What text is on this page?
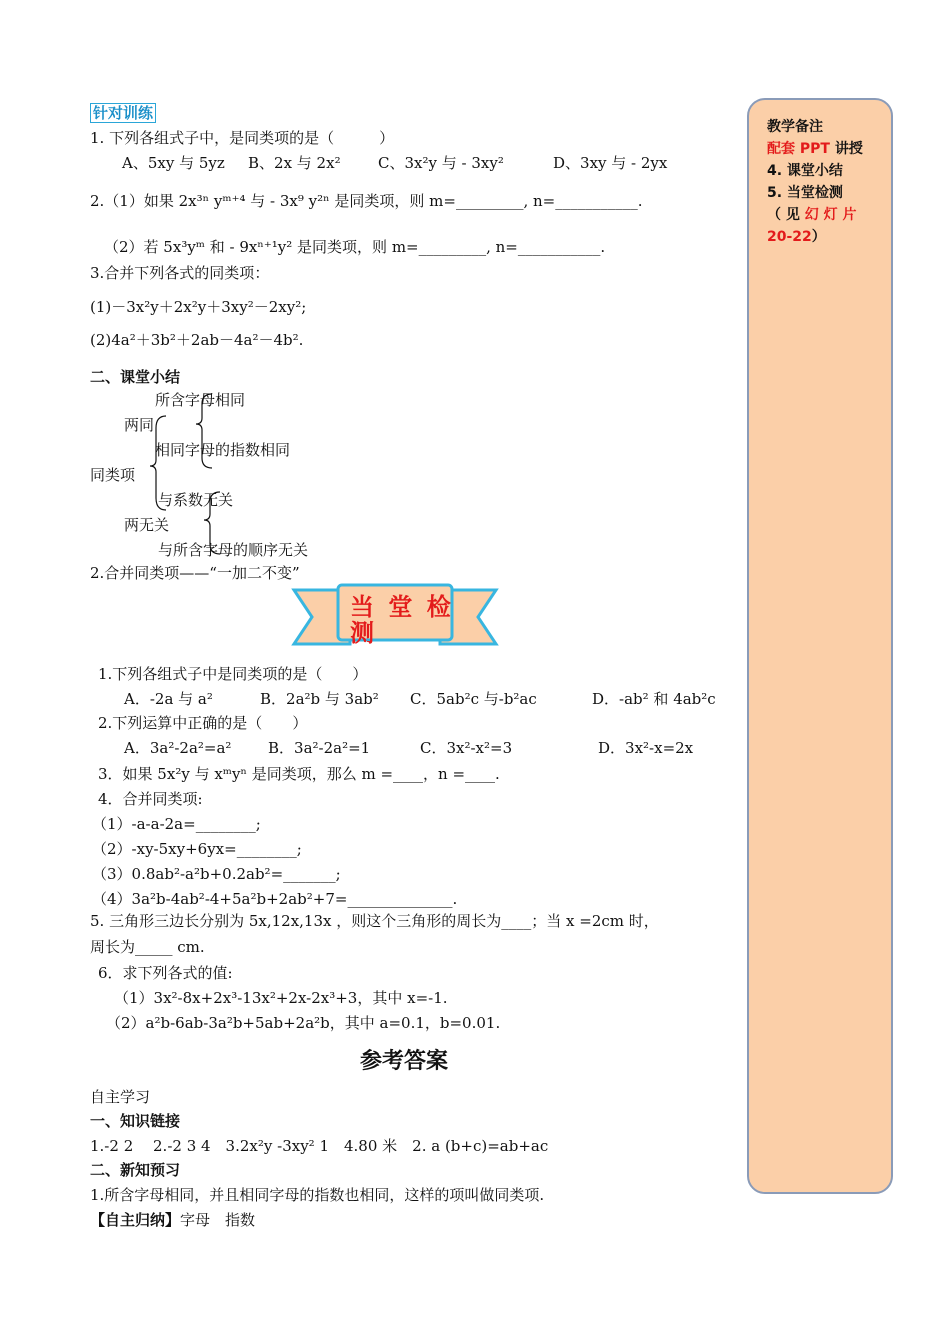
教学备注
配套 PPT 讲授
4. 课堂小结
5. 当堂检测
（ 见 幻 灯 片
20-22）
针对训练
1. 下列各组式子中，是同类项的是（　　　）
A、5xy 与 5yz B、2x 与 2x² C、3x²y 与 - 3xy²	D、3xy 与 - 2yx
2.（1）如果 2x³ⁿ yᵐ⁺⁴ 与 - 3x⁹ y²ⁿ 是同类项，则 m=_________, n=___________.
（2）若 5x³yᵐ 和 - 9xⁿ⁺¹y² 是同类项，则 m=_________, n=___________.
3.合并下列各式的同类项：
(1)－3x²y＋2x²y＋3xy²－2xy²;
(2)4a²＋3b²＋2ab－4a²－4b².
二、课堂小结
所含字母相同
两同
相同字母的指数相同
同类项
与系数无关
两无关
与所含字母的顺序无关
2.合并同类项——“一加二不变”
当 堂 检 测
1.下列各组式子中是同类项的是（　　）
A．-2a 与 a²	B．2a²b 与 3ab² C．5ab²c 与-b²ac	D．-ab² 和 4ab²c
2.下列运算中正确的是（　　）
A．3a²-2a²=a² B．3a²-2a²=1	C．3x²-x²=3	D．3x²-x=2x
3．如果 5x²y 与 xᵐyⁿ 是同类项，那么 m =____，n =____.
4．合并同类项:
（1）-a-a-2a=________;
（2）-xy-5xy+6yx=________;
（3）0.8ab²-a²b+0.2ab²=_______;
（4）3a²b-4ab²-4+5a²b+2ab²+7=______________.
5. 三角形三边长分别为 5x,12x,13x ，则这个三角形的周长为____；当 x =2cm 时，
周长为_____ cm.
6．求下列各式的值:
（1）3x²-8x+2x³-13x²+2x-2x³+3，其中 x=-1.
（2）a²b-6ab-3a²b+5ab+2a²b，其中 a=0.1，b=0.01.
参考答案
自主学习
一、知识链接
1.-2 2　 2.-2 3 4　3.2x²y -3xy² 1　4.80 米　2. a (b+c)=ab+ac
二、新知预习
1.所含字母相同，并且相同字母的指数也相同，这样的项叫做同类项.
【自主归纳】字母　指数
